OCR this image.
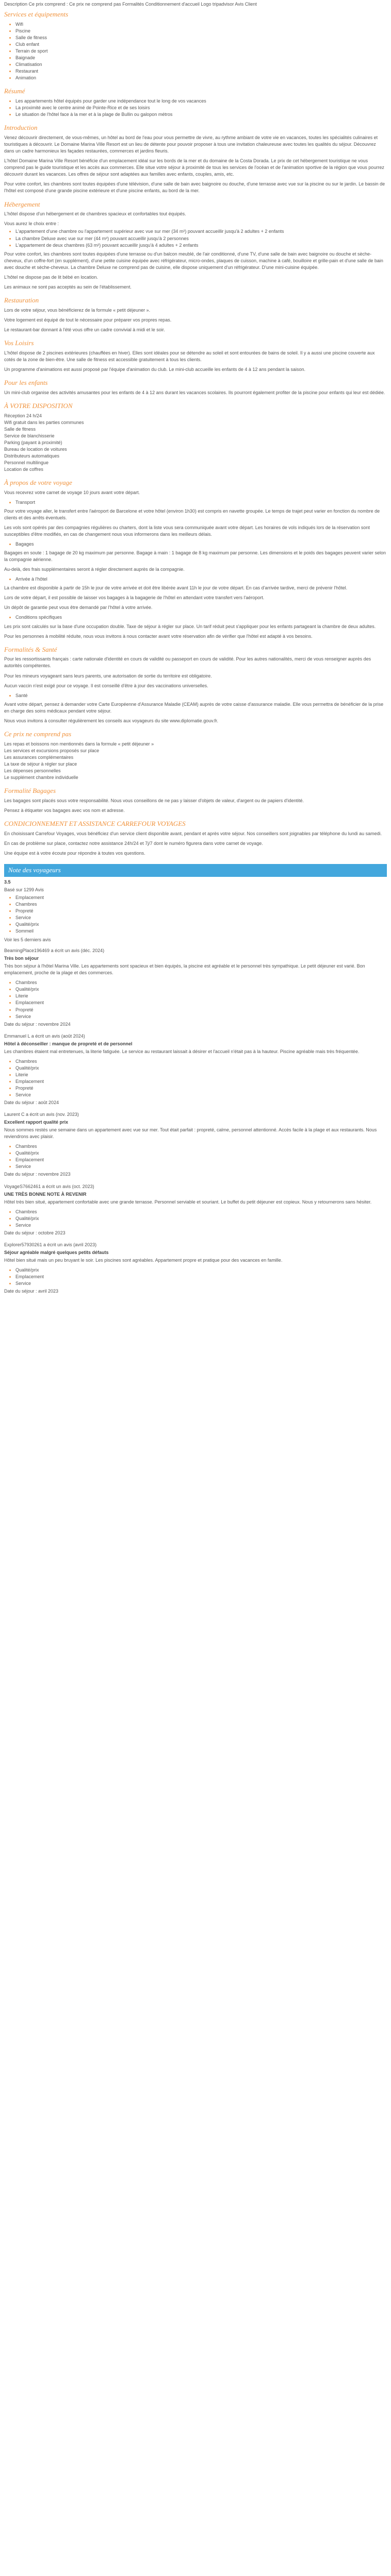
Description Ce prix comprend : Ce prix ne comprend pas Formalités Conditionnement d'accueil Logo tripadvisor Avis Client
Services et équipements
• Wifi
• Piscine
• Salle de fitness
• Club enfant
• Terrain de sport
• Baignade
• Climatisation
• Restaurant
• Animation
Résumé
• Les appartements hôtel équipés pour garder une indépendance tout le long de vos vacances
• La proximité avec le centre animé de Pointe-Rice et de ses loisirs
• Le situation de l'hôtel face à la mer et à la plage de Bullin ou galopon métros
Introduction

Venez découvrir directement, de vous-mêmes, un hôtel au bord de l'eau pour vous permettre de vivre, au rythme ambiant de votre vie en vacances, toutes les spécialités culinaires et touristiques à découvrir. Le Domaine Marina Ville Resort est un lieu de détente pour pouvoir proposer à tous une invitation chaleureuse avec toutes les qualités du séjour. Découvrez dans un cadre harmonieux les façades restaurées, commerces et jardins fleuris.

L'hôtel Domaine Marina Ville Resort bénéficie d'un emplacement idéal sur les bords de la mer et du domaine de la Costa Dorada. Le prix de cet hébergement touristique ne vous comprend pas le guide touristique et les accès aux commerces. Elle situe votre séjour à proximité de tous les services de l'océan et de l'animation sportive de la région que vous pourrez découvrir durant les vacances. Les offres de séjour sont adaptées aux familles avec enfants, couples, amis, etc.

Pour votre confort, les chambres sont toutes équipées d'une télévision, d'une salle de bain avec baignoire ou douche, d'une terrasse avec vue sur la piscine ou sur le jardin. Le bassin de l'hôtel est composé d'une grande piscine extérieure et d'une piscine enfants, au bord de la mer.

Hébergement

L'hôtel dispose d'un hébergement et de chambres spacieux et confortables tout équipés.

Vous aurez le choix entre :

• L'appartement d'une chambre ou l'appartement supérieur avec vue sur mer (34 m²) pouvant accueillir jusqu'à 2 adultes + 2 enfants
• La chambre Deluxe avec vue sur mer (44 m²) pouvant accueillir jusqu'à 2 personnes
• L'appartement de deux chambres (63 m²) pouvant accueillir jusqu'à 4 adultes + 2 enfants

Pour votre confort, les chambres sont toutes équipées d'une terrasse ou d'un balcon meublé, de l'air conditionné, d'une TV, d'une salle de bain avec baignoire ou douche et sèche-cheveux, d'un coffre-fort (en supplément), d'une petite cuisine équipée avec réfrigérateur, micro-ondes, plaques de cuisson, machine à café, bouilloire et grille-pain et d'une salle de bain avec douche et sèche-cheveux. La chambre Deluxe ne comprend pas de cuisine, elle dispose uniquement d'un réfrigérateur. D'une mini-cuisine équipée.

L'hôtel ne dispose pas de lit bébé en location.

Les animaux ne sont pas acceptés au sein de l'établissement.

Restauration

Lors de votre séjour, vous bénéficierez de la formule « petit déjeuner ».

Votre logement est équipé de tout le nécessaire pour préparer vos propres repas.

Le restaurant-bar donnant à l'été vous offre un cadre convivial à midi et le soir.

Vos Loisirs

L'hôtel dispose de 2 piscines extérieures (chauffées en hiver). Elles sont idéales pour se détendre au soleil et sont entourées de bains de soleil. Il y a aussi une piscine couverte aux cotés de la zone de bien-être. Une salle de fitness est accessible gratuitement à tous les clients.

Un programme d'animations est aussi proposé par l'équipe d'animation du club. Le mini-club accueille les enfants de 4 à 12 ans pendant la saison.

Pour les enfants

Un mini-club organise des activités amusantes pour les enfants de 4 à 12 ans durant les vacances scolaires. Ils pourront également profiter de la piscine pour enfants qui leur est dédiée.

À VOTRE DISPOSITION
Réception 24 h/24
Wifi gratuit dans les parties communes
Salle de fitness
Service de blanchisserie
Parking (payant à proximité)
Bureau de location de voitures
Distributeurs automatiques
Personnel multilingue
Location de coffres
À propos de votre voyage

Vous recevrez votre carnet de voyage 10 jours avant votre départ.

• Transport

Pour votre voyage aller, le transfert entre l'aéroport de Barcelone et votre hôtel (environ 1h30) est compris en navette groupée. Le temps de trajet peut varier en fonction du nombre de clients et des arrêts éventuels.

Les vols sont opérés par des compagnies régulières ou charters, dont la liste vous sera communiquée avant votre départ. Les horaires de vols indiqués lors de la réservation sont susceptibles d'être modifiés, en cas de changement nous vous informerons dans les meilleurs délais.

• Bagages

Bagages en soute : 1 bagage de 20 kg maximum par personne. Bagage à main : 1 bagage de 8 kg maximum par personne. Les dimensions et le poids des bagages peuvent varier selon la compagnie aérienne.

Au-delà, des frais supplémentaires seront à régler directement auprès de la compagnie.

• Arrivée à l'hôtel

La chambre est disponible à partir de 15h le jour de votre arrivée et doit être libérée avant 11h le jour de votre départ. En cas d'arrivée tardive, merci de prévenir l'hôtel.

Lors de votre départ, il est possible de laisser vos bagages à la bagagerie de l'hôtel en attendant votre transfert vers l'aéroport.

Un dépôt de garantie peut vous être demandé par l'hôtel à votre arrivée.

• Conditions spécifiques

Les prix sont calculés sur la base d'une occupation double. Taxe de séjour à régler sur place. Un tarif réduit peut s'appliquer pour les enfants partageant la chambre de deux adultes.

Pour les personnes à mobilité réduite, nous vous invitons à nous contacter avant votre réservation afin de vérifier que l'hôtel est adapté à vos besoins.

Formalités & Santé

Pour les ressortissants français : carte nationale d'identité en cours de validité ou passeport en cours de validité. Pour les autres nationalités, merci de vous renseigner auprès des autorités compétentes.

Pour les mineurs voyageant sans leurs parents, une autorisation de sortie du territoire est obligatoire.

Aucun vaccin n'est exigé pour ce voyage. Il est conseillé d'être à jour des vaccinations universelles.

• Santé

Avant votre départ, pensez à demander votre Carte Européenne d'Assurance Maladie (CEAM) auprès de votre caisse d'assurance maladie. Elle vous permettra de bénéficier de la prise en charge des soins médicaux pendant votre séjour.

Nous vous invitons à consulter régulièrement les conseils aux voyageurs du site www.diplomatie.gouv.fr.

Ce prix ne comprend pas
Les repas et boissons non mentionnés dans la formule « petit déjeuner »
Les services et excursions proposés sur place
Les assurances complémentaires
La taxe de séjour à régler sur place
Les dépenses personnelles
Le supplément chambre individuelle
Formalité Bagages

Les bagages sont placés sous votre responsabilité. Nous vous conseillons de ne pas y laisser d'objets de valeur, d'argent ou de papiers d'identité.

Pensez à étiqueter vos bagages avec vos nom et adresse.

CONDICIONNEMENT ET ASSISTANCE CARREFOUR VOYAGES

En choisissant Carrefour Voyages, vous bénéficiez d'un service client disponible avant, pendant et après votre séjour. Nos conseillers sont joignables par téléphone du lundi au samedi.

En cas de problème sur place, contactez notre assistance 24h/24 et 7j/7 dont le numéro figurera dans votre carnet de voyage.

Une équipe est à votre écoute pour répondre à toutes vos questions.

Note des voyageurs
3.5
Basé sur 1299 Avis
• Emplacement
• Chambres
• Propreté
• Service
• Qualité/prix
• Sommeil
Voir les 5 derniers avis
BeamingPlace196469 a écrit un avis (déc. 2024)
Très bon séjour

Très bon séjour à l'hôtel Marina Ville. Les appartements sont spacieux et bien équipés, la piscine est agréable et le personnel très sympathique. Le petit déjeuner est varié. Bon emplacement, proche de la plage et des commerces.

• Chambres
• Qualité/prix
• Literie
• Emplacement
• Propreté
• Service
Date du séjour : novembre 2024
Emmanuel L a écrit un avis (août 2024)
Hôtel à déconseiller : manque de propreté et de personnel

Les chambres étaient mal entretenues, la literie fatiguée. Le service au restaurant laissait à désirer et l'accueil n'était pas à la hauteur. Piscine agréable mais très fréquentée.

• Chambres
• Qualité/prix
• Literie
• Emplacement
• Propreté
• Service
Date du séjour : août 2024
Laurent C a écrit un avis (nov. 2023)
Excellent rapport qualité prix

Nous sommes restés une semaine dans un appartement avec vue sur mer. Tout était parfait : propreté, calme, personnel attentionné. Accès facile à la plage et aux restaurants. Nous reviendrons avec plaisir.

• Chambres
• Qualité/prix
• Emplacement
• Service
Date du séjour : novembre 2023
VoyageS7662461 a écrit un avis (oct. 2023)
UNE TRÈS BONNE NOTE À REVENIR

Hôtel très bien situé, appartement confortable avec une grande terrasse. Personnel serviable et souriant. Le buffet du petit déjeuner est copieux. Nous y retournerons sans hésiter.

• Chambres
• Qualité/prix
• Service
Date du séjour : octobre 2023
Explorer57930261 a écrit un avis (avril 2023)
Séjour agréable malgré quelques petits défauts

Hôtel bien situé mais un peu bruyant le soir. Les piscines sont agréables. Appartement propre et pratique pour des vacances en famille.

• Qualité/prix
• Emplacement
• Service
Date du séjour : avril 2023
